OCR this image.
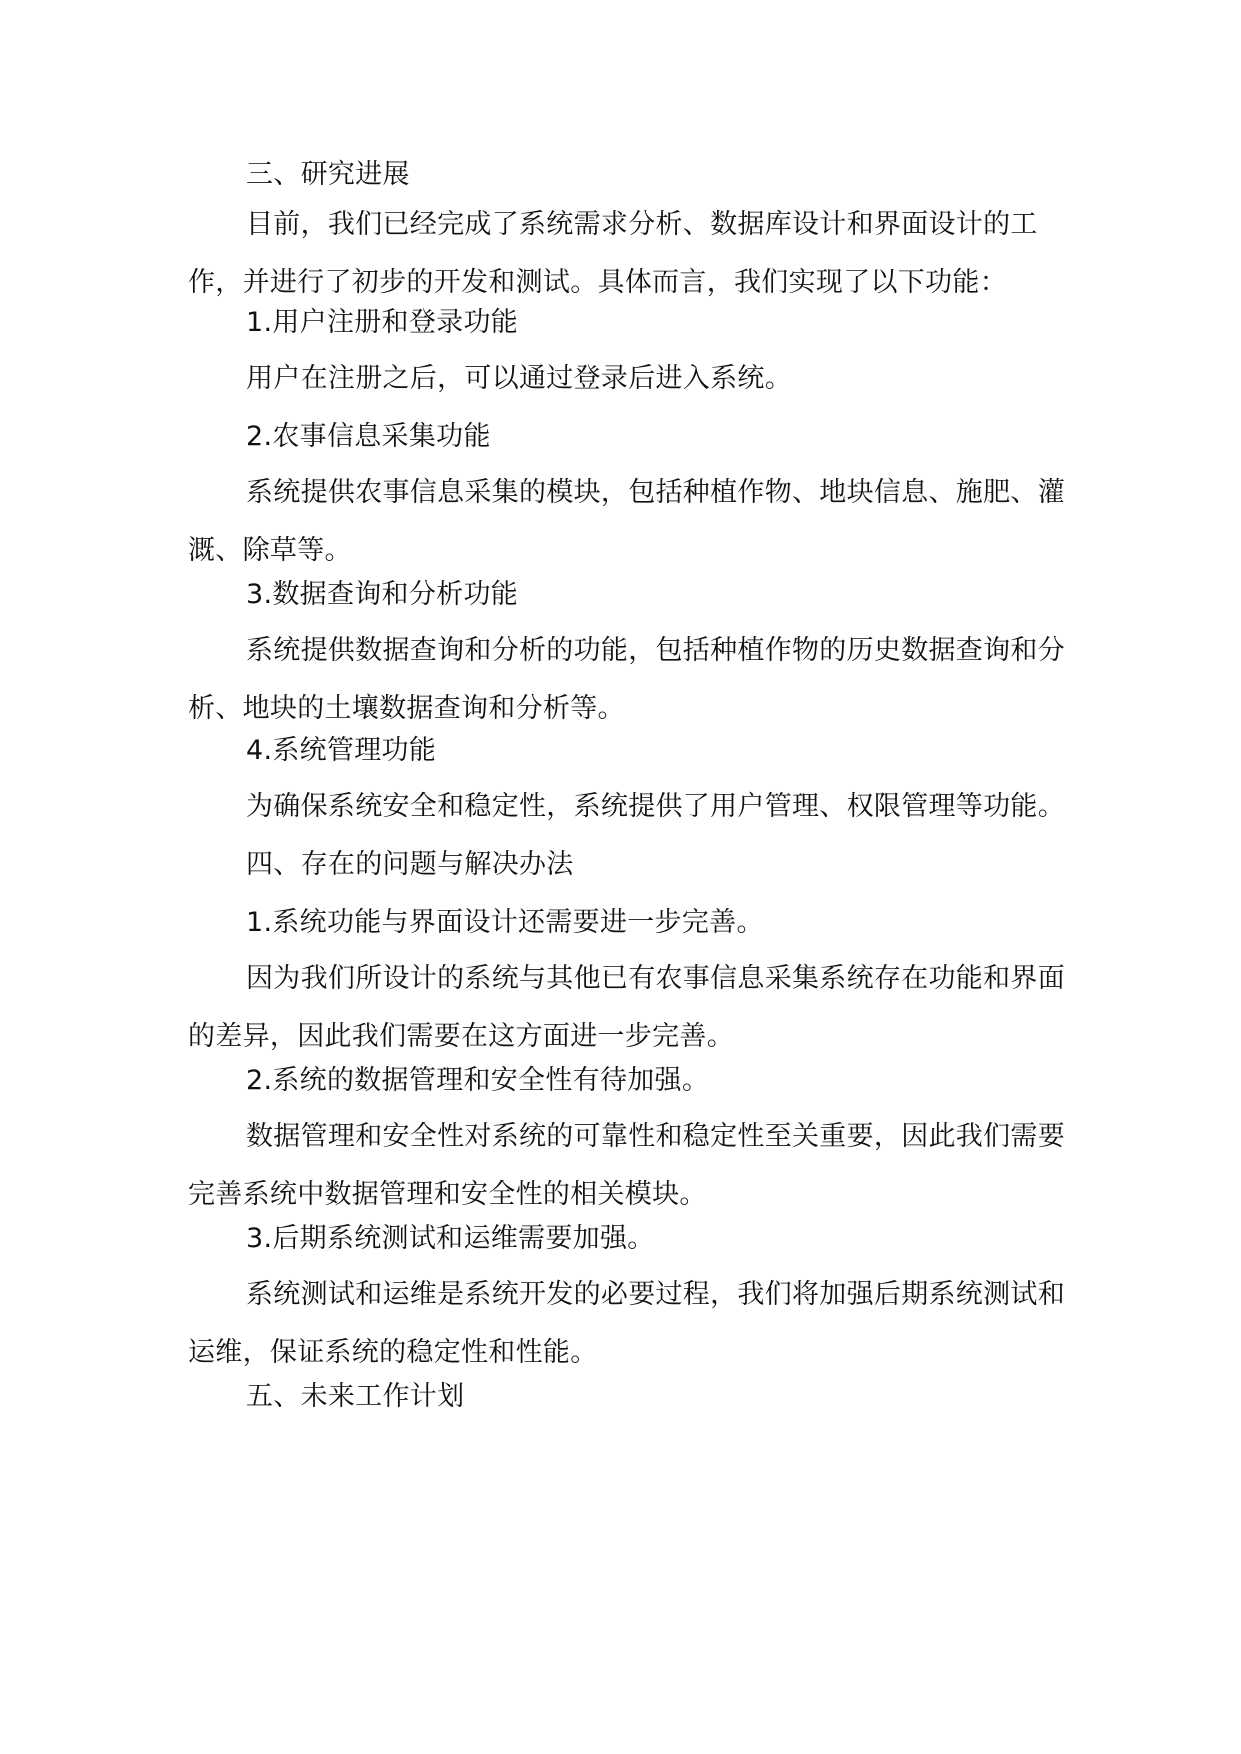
三、研究进展

目前，我们已经完成了系统需求分析、数据库设计和界面设计的工作，并进行了初步的开发和测试。具体而言，我们实现了以下功能：

1.用户注册和登录功能

用户在注册之后，可以通过登录后进入系统。

2.农事信息采集功能

系统提供农事信息采集的模块，包括种植作物、地块信息、施肥、灌溉、除草等。

3.数据查询和分析功能

系统提供数据查询和分析的功能，包括种植作物的历史数据查询和分析、地块的土壤数据查询和分析等。

4.系统管理功能

为确保系统安全和稳定性，系统提供了用户管理、权限管理等功能。

四、存在的问题与解决办法

1.系统功能与界面设计还需要进一步完善。

因为我们所设计的系统与其他已有农事信息采集系统存在功能和界面的差异，因此我们需要在这方面进一步完善。

2.系统的数据管理和安全性有待加强。

数据管理和安全性对系统的可靠性和稳定性至关重要，因此我们需要完善系统中数据管理和安全性的相关模块。

3.后期系统测试和运维需要加强。

系统测试和运维是系统开发的必要过程，我们将加强后期系统测试和运维，保证系统的稳定性和性能。

五、未来工作计划
